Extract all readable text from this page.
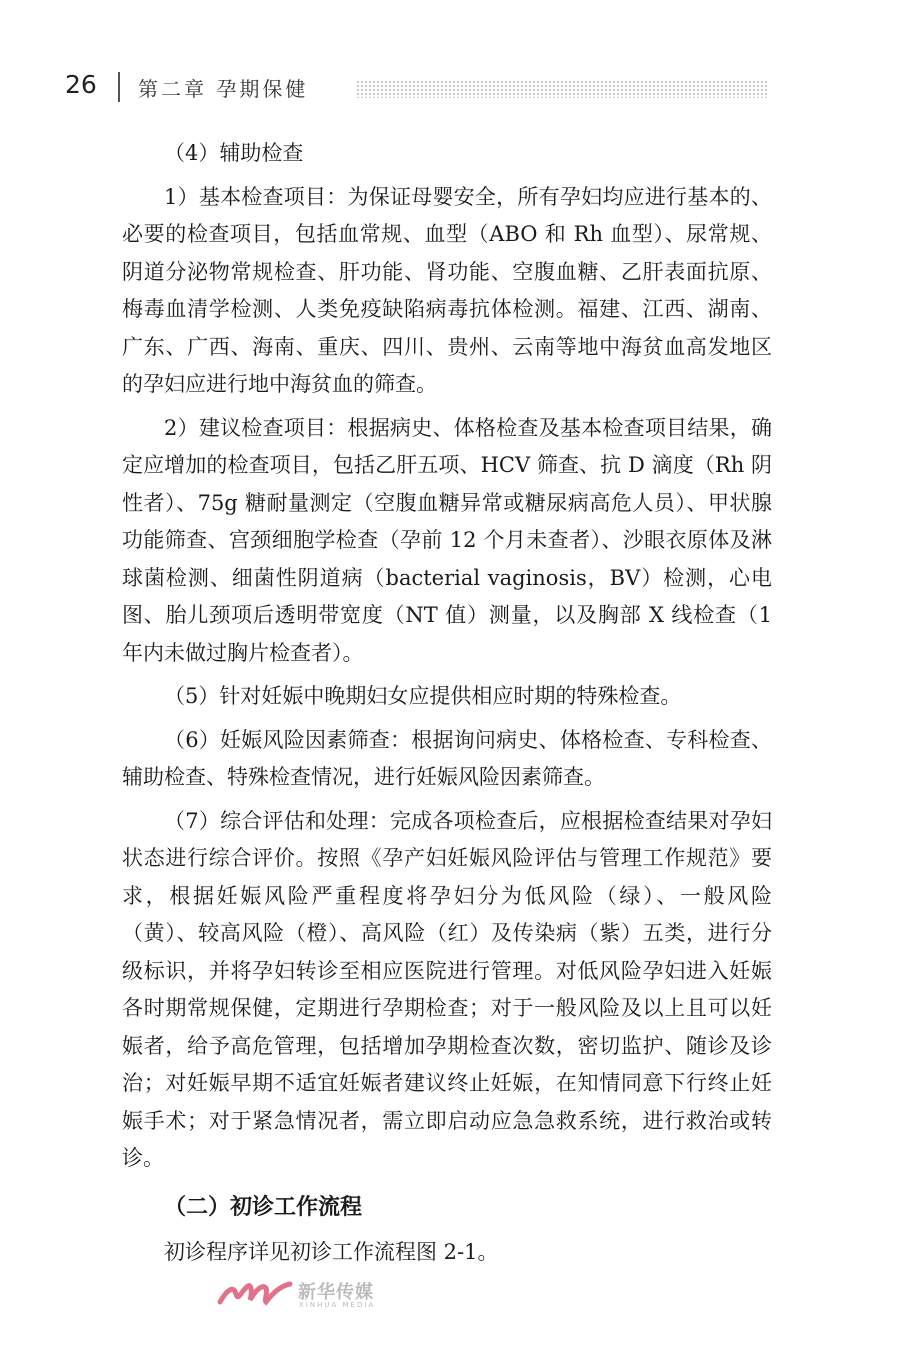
26 第二章 孕期保健

（4）辅助检查

1）基本检查项目：为保证母婴安全，所有孕妇均应进行基本的、必要的检查项目，包括血常规、血型（ABO 和 Rh 血型）、尿常规、阴道分泌物常规检查、肝功能、肾功能、空腹血糖、乙肝表面抗原、梅毒血清学检测、人类免疫缺陷病毒抗体检测。福建、江西、湖南、广东、广西、海南、重庆、四川、贵州、云南等地中海贫血高发地区的孕妇应进行地中海贫血的筛查。

2）建议检查项目：根据病史、体格检查及基本检查项目结果，确定应增加的检查项目，包括乙肝五项、HCV 筛查、抗 D 滴度（Rh 阴性者）、75g 糖耐量测定（空腹血糖异常或糖尿病高危人员）、甲状腺功能筛查、宫颈细胞学检查（孕前 12 个月未查者）、沙眼衣原体及淋球菌检测、细菌性阴道病（bacterial vaginosis，BV）检测，心电图、胎儿颈项后透明带宽度（NT 值）测量，以及胸部 X 线检查（1 年内未做过胸片检查者）。

（5）针对妊娠中晚期妇女应提供相应时期的特殊检查。

（6）妊娠风险因素筛查：根据询问病史、体格检查、专科检查、辅助检查、特殊检查情况，进行妊娠风险因素筛查。

（7）综合评估和处理：完成各项检查后，应根据检查结果对孕妇状态进行综合评价。按照《孕产妇妊娠风险评估与管理工作规范》要求，根据妊娠风险严重程度将孕妇分为低风险（绿）、一般风险（黄）、较高风险（橙）、高风险（红）及传染病（紫）五类，进行分级标识，并将孕妇转诊至相应医院进行管理。对低风险孕妇进入妊娠各时期常规保健，定期进行孕期检查；对于一般风险及以上且可以妊娠者，给予高危管理，包括增加孕期检查次数，密切监护、随诊及诊治；对妊娠早期不适宜妊娠者建议终止妊娠，在知情同意下行终止妊娠手术；对于紧急情况者，需立即启动应急急救系统，进行救治或转诊。

（二）初诊工作流程

初诊程序详见初诊工作流程图 2-1。

新华传媒
XINHUA MEDIA
